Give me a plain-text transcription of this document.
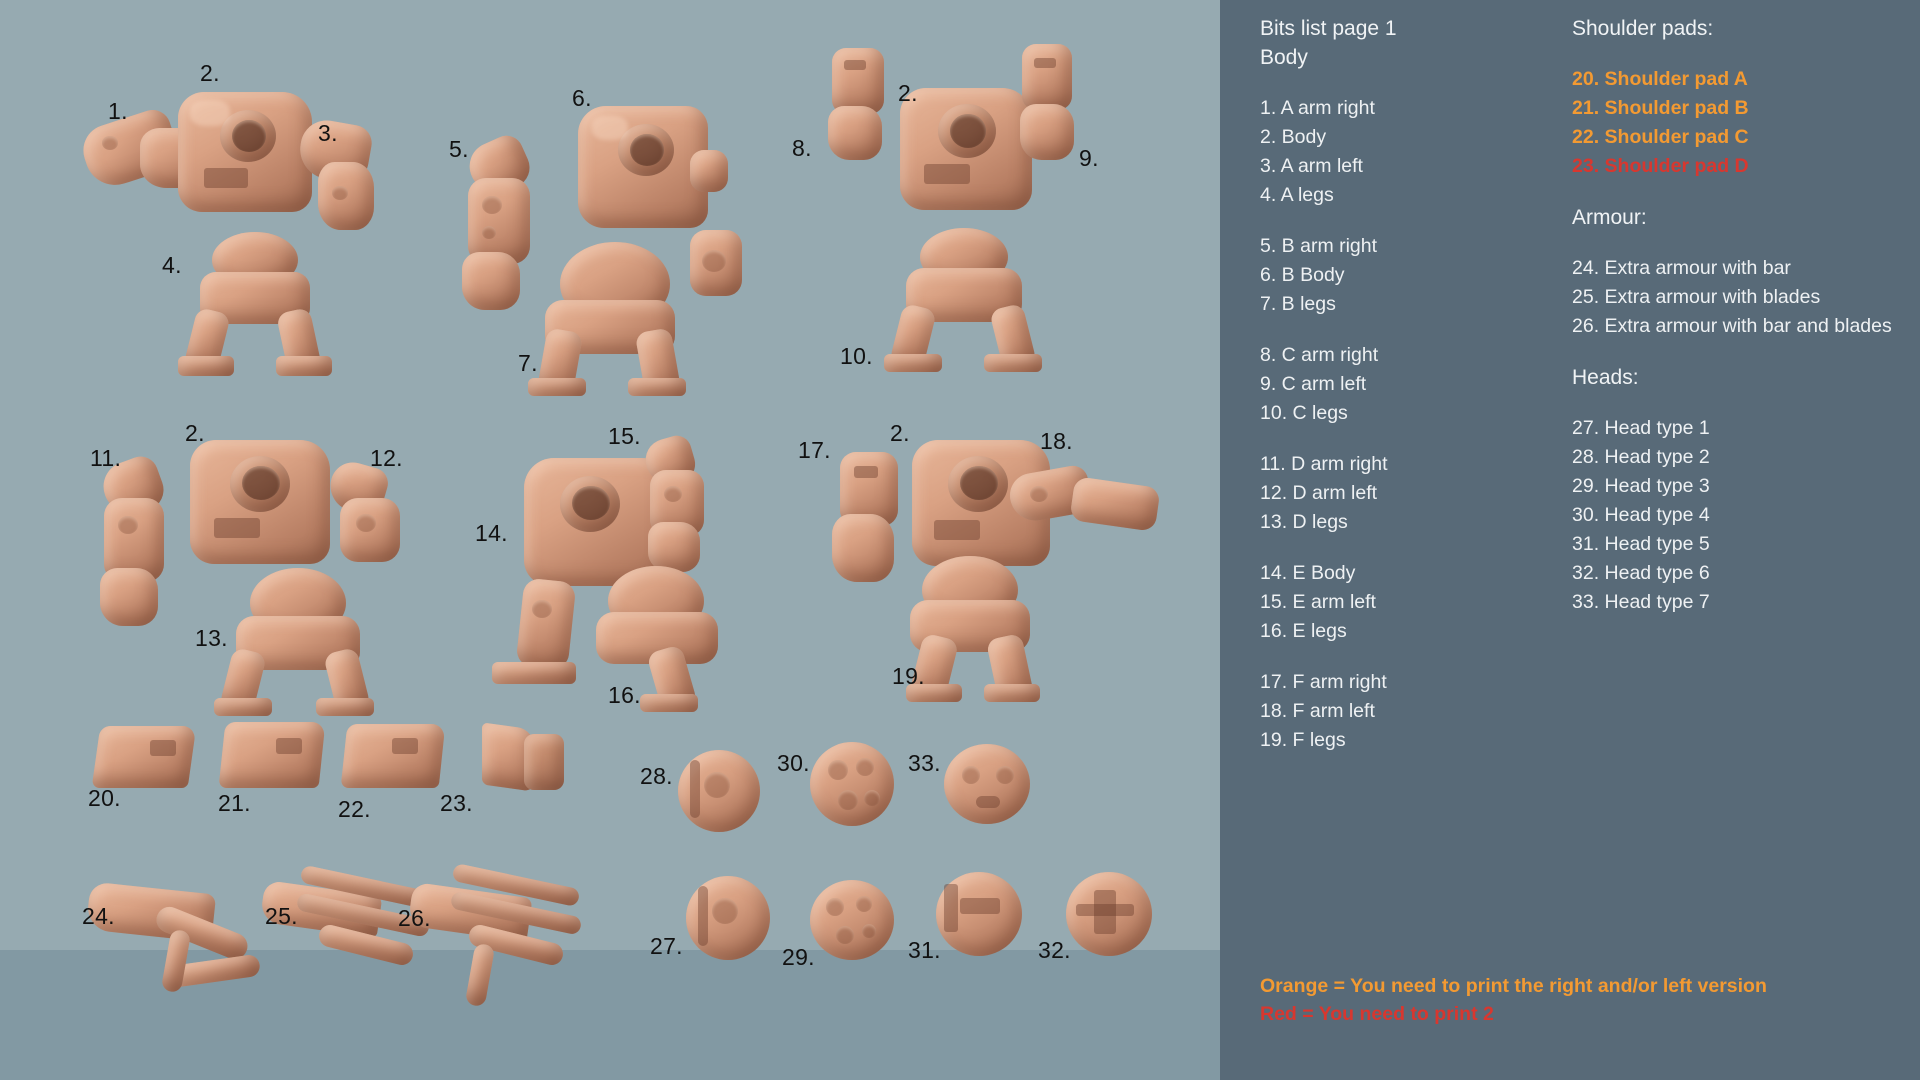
1.
2.
3.
4.
5.
6.
7.
8.
2.
9.
10.
11.
2.
12.
13.
14.
15.
16.
17.
2.	18.
19.
20.	21.	22.	23.
24.	25.	26.
27.
28.
29.
30.
31.	32.
33.
Bits list page 1
Body
1. A arm right
2. Body
3. A arm left
4. A legs
5. B arm right
6. B Body
7. B legs
8. C arm right
9. C arm left
10. C legs
11. D arm right
12. D arm left
13. D legs
14. E Body
15. E arm left
16. E legs
17. F arm right
18. F arm left
19. F legs
Shoulder pads:
20. Shoulder pad A
21. Shoulder pad B
22. Shoulder pad C
23. Shoulder pad D
Armour:
24. Extra armour with bar
25. Extra armour with blades
26. Extra armour with bar and blades
Heads:
27. Head type 1
28. Head type 2
29. Head type 3
30. Head type 4
31. Head type 5
32. Head type 6
33. Head type 7
Orange = You need to print the right and/or left version
Red = You need to print 2
